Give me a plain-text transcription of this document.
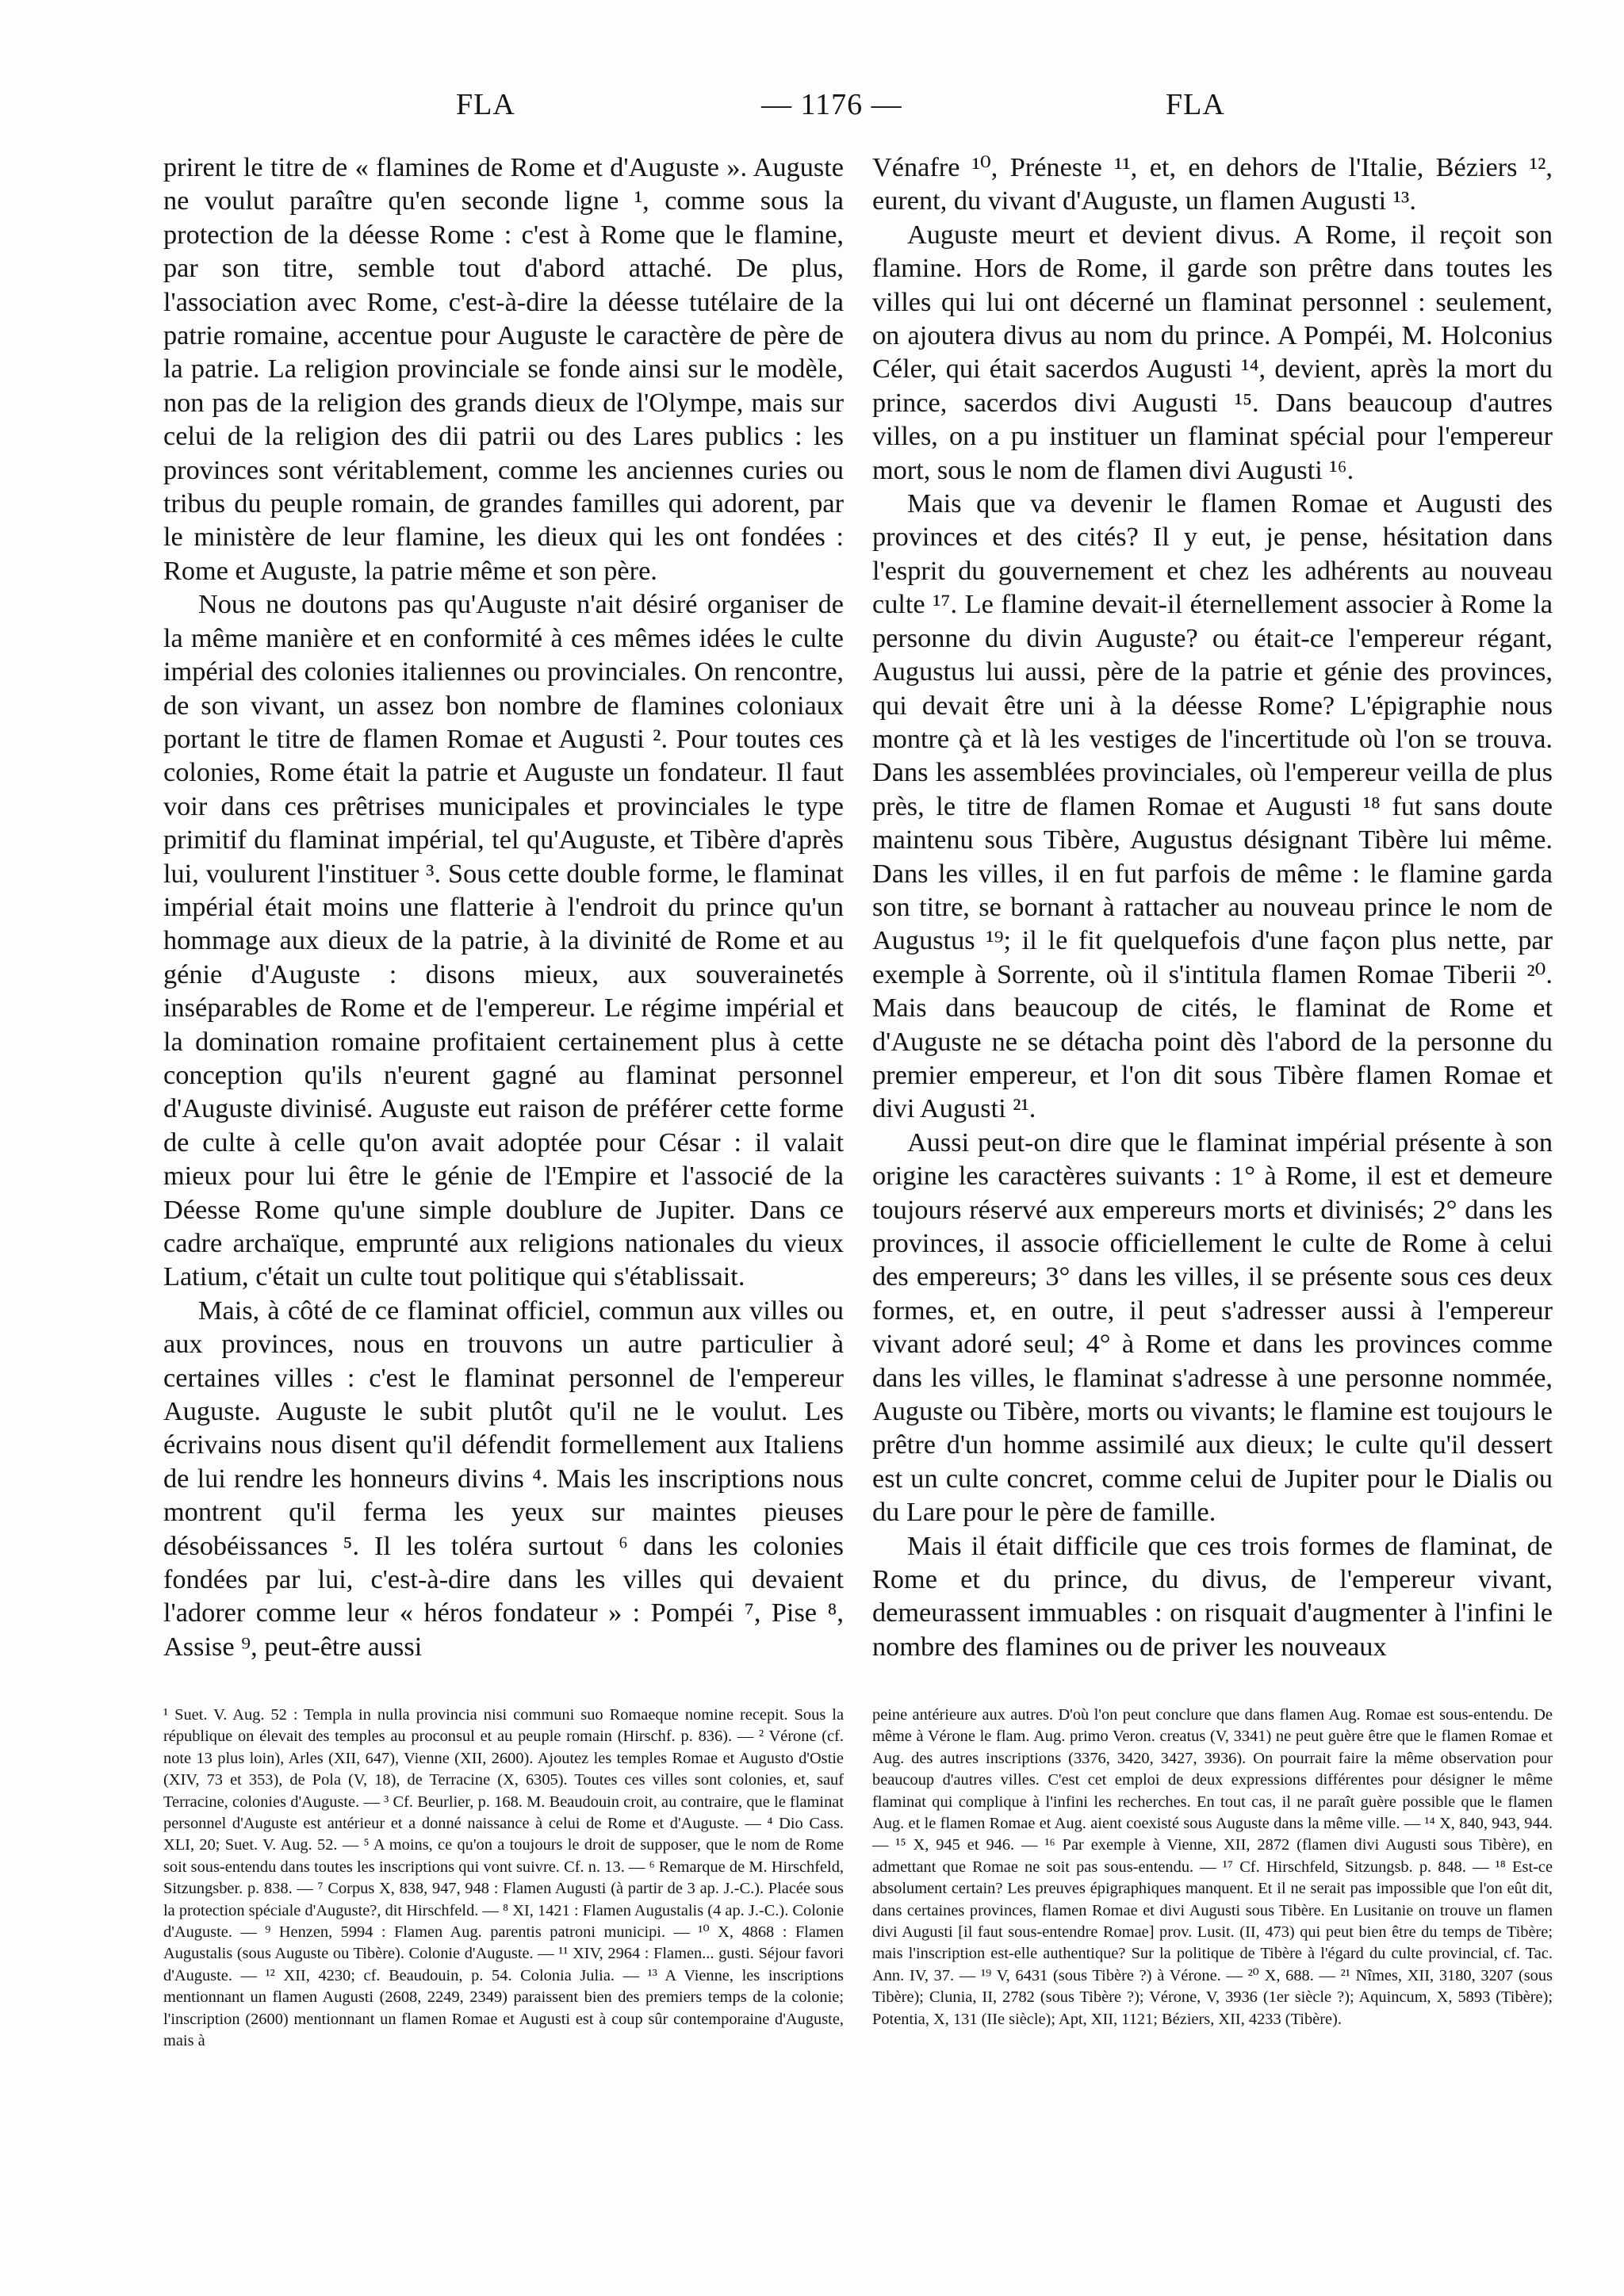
FLA	— 1176 —	FLA

prirent le titre de « flamines de Rome et d'Auguste ». Auguste ne voulut paraître qu'en seconde ligne ¹, comme sous la protection de la déesse Rome : c'est à Rome que le flamine, par son titre, semble tout d'abord attaché. De plus, l'association avec Rome, c'est-à-dire la déesse tutélaire de la patrie romaine, accentue pour Auguste le caractère de père de la patrie. La religion provinciale se fonde ainsi sur le modèle, non pas de la religion des grands dieux de l'Olympe, mais sur celui de la religion des dii patrii ou des Lares publics : les provinces sont véritablement, comme les anciennes curies ou tribus du peuple romain, de grandes familles qui adorent, par le ministère de leur flamine, les dieux qui les ont fondées : Rome et Auguste, la patrie même et son père.

Nous ne doutons pas qu'Auguste n'ait désiré organiser de la même manière et en conformité à ces mêmes idées le culte impérial des colonies italiennes ou provinciales. On rencontre, de son vivant, un assez bon nombre de flamines coloniaux portant le titre de flamen Romae et Augusti ². Pour toutes ces colonies, Rome était la patrie et Auguste un fondateur. Il faut voir dans ces prêtrises municipales et provinciales le type primitif du flaminat impérial, tel qu'Auguste, et Tibère d'après lui, voulurent l'instituer ³. Sous cette double forme, le flaminat impérial était moins une flatterie à l'endroit du prince qu'un hommage aux dieux de la patrie, à la divinité de Rome et au génie d'Auguste : disons mieux, aux souverainetés inséparables de Rome et de l'empereur. Le régime impérial et la domination romaine profitaient certainement plus à cette conception qu'ils n'eurent gagné au flaminat personnel d'Auguste divinisé. Auguste eut raison de préférer cette forme de culte à celle qu'on avait adoptée pour César : il valait mieux pour lui être le génie de l'Empire et l'associé de la Déesse Rome qu'une simple doublure de Jupiter. Dans ce cadre archaïque, emprunté aux religions nationales du vieux Latium, c'était un culte tout politique qui s'établissait.

Mais, à côté de ce flaminat officiel, commun aux villes ou aux provinces, nous en trouvons un autre particulier à certaines villes : c'est le flaminat personnel de l'empereur Auguste. Auguste le subit plutôt qu'il ne le voulut. Les écrivains nous disent qu'il défendit formellement aux Italiens de lui rendre les honneurs divins ⁴. Mais les inscriptions nous montrent qu'il ferma les yeux sur maintes pieuses désobéissances ⁵. Il les toléra surtout ⁶ dans les colonies fondées par lui, c'est-à-dire dans les villes qui devaient l'adorer comme leur « héros fondateur » : Pompéi ⁷, Pise ⁸, Assise ⁹, peut-être aussi

Vénafre ¹⁰, Préneste ¹¹, et, en dehors de l'Italie, Béziers ¹², eurent, du vivant d'Auguste, un flamen Augusti ¹³.

Auguste meurt et devient divus. A Rome, il reçoit son flamine. Hors de Rome, il garde son prêtre dans toutes les villes qui lui ont décerné un flaminat personnel : seulement, on ajoutera divus au nom du prince. A Pompéi, M. Holconius Céler, qui était sacerdos Augusti ¹⁴, devient, après la mort du prince, sacerdos divi Augusti ¹⁵. Dans beaucoup d'autres villes, on a pu instituer un flaminat spécial pour l'empereur mort, sous le nom de flamen divi Augusti ¹⁶.

Mais que va devenir le flamen Romae et Augusti des provinces et des cités? Il y eut, je pense, hésitation dans l'esprit du gouvernement et chez les adhérents au nouveau culte ¹⁷. Le flamine devait-il éternellement associer à Rome la personne du divin Auguste? ou était-ce l'empereur régant, Augustus lui aussi, père de la patrie et génie des provinces, qui devait être uni à la déesse Rome? L'épigraphie nous montre çà et là les vestiges de l'incertitude où l'on se trouva. Dans les assemblées provinciales, où l'empereur veilla de plus près, le titre de flamen Romae et Augusti ¹⁸ fut sans doute maintenu sous Tibère, Augustus désignant Tibère lui même. Dans les villes, il en fut parfois de même : le flamine garda son titre, se bornant à rattacher au nouveau prince le nom de Augustus ¹⁹; il le fit quelquefois d'une façon plus nette, par exemple à Sorrente, où il s'intitula flamen Romae Tiberii ²⁰. Mais dans beaucoup de cités, le flaminat de Rome et d'Auguste ne se détacha point dès l'abord de la personne du premier empereur, et l'on dit sous Tibère flamen Romae et divi Augusti ²¹.

Aussi peut-on dire que le flaminat impérial présente à son origine les caractères suivants : 1° à Rome, il est et demeure toujours réservé aux empereurs morts et divinisés; 2° dans les provinces, il associe officiellement le culte de Rome à celui des empereurs; 3° dans les villes, il se présente sous ces deux formes, et, en outre, il peut s'adresser aussi à l'empereur vivant adoré seul; 4° à Rome et dans les provinces comme dans les villes, le flaminat s'adresse à une personne nommée, Auguste ou Tibère, morts ou vivants; le flamine est toujours le prêtre d'un homme assimilé aux dieux; le culte qu'il dessert est un culte concret, comme celui de Jupiter pour le Dialis ou du Lare pour le père de famille.

Mais il était difficile que ces trois formes de flaminat, de Rome et du prince, du divus, de l'empereur vivant, demeurassent immuables : on risquait d'augmenter à l'infini le nombre des flamines ou de priver les nouveaux

¹ Suet. V. Aug. 52 : Templa in nulla provincia nisi communi suo Romaeque nomine recepit. Sous la république on élevait des temples au proconsul et au peuple romain (Hirschf. p. 836). — ² Vérone (cf. note 13 plus loin), Arles (XII, 647), Vienne (XII, 2600). Ajoutez les temples Romae et Augusto d'Ostie (XIV, 73 et 353), de Pola (V, 18), de Terracine (X, 6305). Toutes ces villes sont colonies, et, sauf Terracine, colonies d'Auguste. — ³ Cf. Beurlier, p. 168. M. Beaudouin croit, au contraire, que le flaminat personnel d'Auguste est antérieur et a donné naissance à celui de Rome et d'Auguste. — ⁴ Dio Cass. XLI, 20; Suet. V. Aug. 52. — ⁵ A moins, ce qu'on a toujours le droit de supposer, que le nom de Rome soit sous-entendu dans toutes les inscriptions qui vont suivre. Cf. n. 13. — ⁶ Remarque de M. Hirschfeld, Sitzungsber. p. 838. — ⁷ Corpus X, 838, 947, 948 : Flamen Augusti (à partir de 3 ap. J.-C.). Placée sous la protection spéciale d'Auguste?, dit Hirschfeld. — ⁸ XI, 1421 : Flamen Augustalis (4 ap. J.-C.). Colonie d'Auguste. — ⁹ Henzen, 5994 : Flamen Aug. parentis patroni municipi. — ¹⁰ X, 4868 : Flamen Augustalis (sous Auguste ou Tibère). Colonie d'Auguste. — ¹¹ XIV, 2964 : Flamen... gusti. Séjour favori d'Auguste. — ¹² XII, 4230; cf. Beaudouin, p. 54. Colonia Julia. — ¹³ A Vienne, les inscriptions mentionnant un flamen Augusti (2608, 2249, 2349) paraissent bien des premiers temps de la colonie; l'inscription (2600) mentionnant un flamen Romae et Augusti est à coup sûr contemporaine d'Auguste, mais à

peine antérieure aux autres. D'où l'on peut conclure que dans flamen Aug. Romae est sous-entendu. De même à Vérone le flam. Aug. primo Veron. creatus (V, 3341) ne peut guère être que le flamen Romae et Aug. des autres inscriptions (3376, 3420, 3427, 3936). On pourrait faire la même observation pour beaucoup d'autres villes. C'est cet emploi de deux expressions différentes pour désigner le même flaminat qui complique à l'infini les recherches. En tout cas, il ne paraît guère possible que le flamen Aug. et le flamen Romae et Aug. aient coexisté sous Auguste dans la même ville. — ¹⁴ X, 840, 943, 944. — ¹⁵ X, 945 et 946. — ¹⁶ Par exemple à Vienne, XII, 2872 (flamen divi Augusti sous Tibère), en admettant que Romae ne soit pas sous-entendu. — ¹⁷ Cf. Hirschfeld, Sitzungsb. p. 848. — ¹⁸ Est-ce absolument certain? Les preuves épigraphiques manquent. Et il ne serait pas impossible que l'on eût dit, dans certaines provinces, flamen Romae et divi Augusti sous Tibère. En Lusitanie on trouve un flamen divi Augusti [il faut sous-entendre Romae] prov. Lusit. (II, 473) qui peut bien être du temps de Tibère; mais l'inscription est-elle authentique? Sur la politique de Tibère à l'égard du culte provincial, cf. Tac. Ann. IV, 37. — ¹⁹ V, 6431 (sous Tibère ?) à Vérone. — ²⁰ X, 688. — ²¹ Nîmes, XII, 3180, 3207 (sous Tibère); Clunia, II, 2782 (sous Tibère ?); Vérone, V, 3936 (1er siècle ?); Aquincum, X, 5893 (Tibère); Potentia, X, 131 (IIe siècle); Apt, XII, 1121; Béziers, XII, 4233 (Tibère).
